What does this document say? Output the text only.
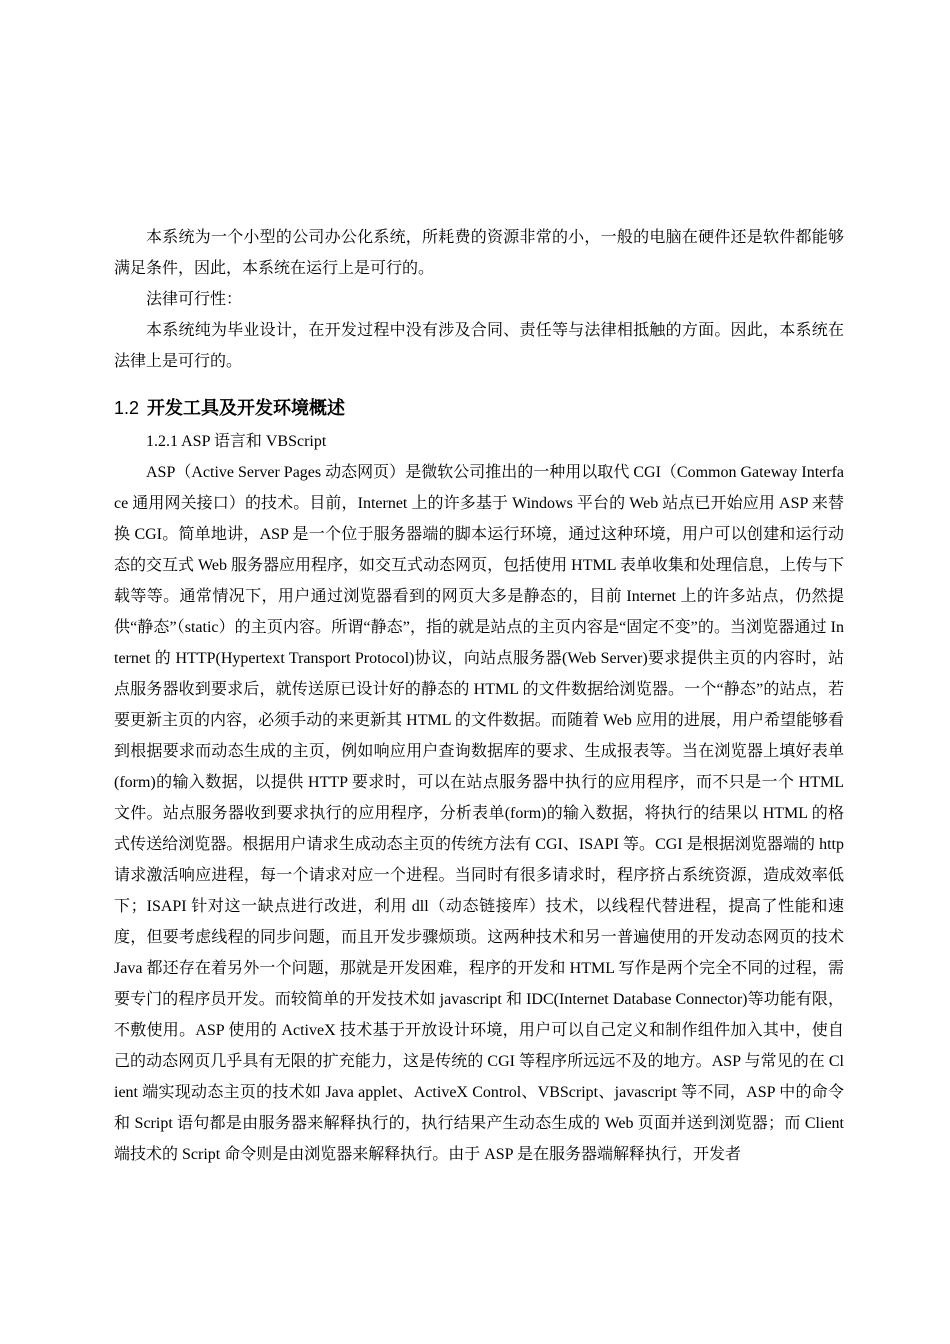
本系统为一个小型的公司办公化系统，所耗费的资源非常的小，一般的电脑在硬件还是软件都能够满足条件，因此，本系统在运行上是可行的。

法律可行性：

本系统纯为毕业设计，在开发过程中没有涉及合同、责任等与法律相抵触的方面。因此，本系统在法律上是可行的。

1.2 开发工具及开发环境概述

1.2.1 ASP 语言和 VBScript

ASP（Active Server Pages 动态网页）是微软公司推出的一种用以取代 CGI（Common Gateway Interface 通用网关接口）的技术。目前，Internet 上的许多基于 Windows 平台的 Web 站点已开始应用 ASP 来替换 CGI。简单地讲，ASP 是一个位于服务器端的脚本运行环境，通过这种环境，用户可以创建和运行动态的交互式 Web 服务器应用程序，如交互式动态网页，包括使用 HTML 表单收集和处理信息，上传与下载等等。通常情况下，用户通过浏览器看到的网页大多是静态的，目前 Internet 上的许多站点，仍然提供“静态”（static）的主页内容。所谓“静态”，指的就是站点的主页内容是“固定不变”的。当浏览器通过 Internet 的 HTTP(Hypertext Transport Protocol)协议，向站点服务器(Web Server)要求提供主页的内容时，站点服务器收到要求后，就传送原已设计好的静态的 HTML 的文件数据给浏览器。一个“静态”的站点，若要更新主页的内容，必须手动的来更新其 HTML 的文件数据。而随着 Web 应用的进展，用户希望能够看到根据要求而动态生成的主页，例如响应用户查询数据库的要求、生成报表等。当在浏览器上填好表单(form)的输入数据，以提供 HTTP 要求时，可以在站点服务器中执行的应用程序，而不只是一个 HTML 文件。站点服务器收到要求执行的应用程序，分析表单(form)的输入数据，将执行的结果以 HTML 的格式传送给浏览器。根据用户请求生成动态主页的传统方法有 CGI、ISAPI 等。CGI 是根据浏览器端的 http 请求激活响应进程，每一个请求对应一个进程。当同时有很多请求时，程序挤占系统资源，造成效率低下；ISAPI 针对这一缺点进行改进，利用 dll（动态链接库）技术，以线程代替进程，提高了性能和速度，但要考虑线程的同步问题，而且开发步骤烦琐。这两种技术和另一普遍使用的开发动态网页的技术 Java 都还存在着另外一个问题，那就是开发困难，程序的开发和 HTML 写作是两个完全不同的过程，需要专门的程序员开发。而较简单的开发技术如 javascript 和 IDC(Internet Database Connector)等功能有限，不敷使用。ASP 使用的 ActiveX 技术基于开放设计环境，用户可以自己定义和制作组件加入其中，使自己的动态网页几乎具有无限的扩充能力，这是传统的 CGI 等程序所远远不及的地方。ASP 与常见的在 Client 端实现动态主页的技术如 Java applet、ActiveX Control、VBScript、javascript 等不同，ASP 中的命令和 Script 语句都是由服务器来解释执行的，执行结果产生动态生成的 Web 页面并送到浏览器；而 Client 端技术的 Script 命令则是由浏览器来解释执行。由于 ASP 是在服务器端解释执行，开发者
